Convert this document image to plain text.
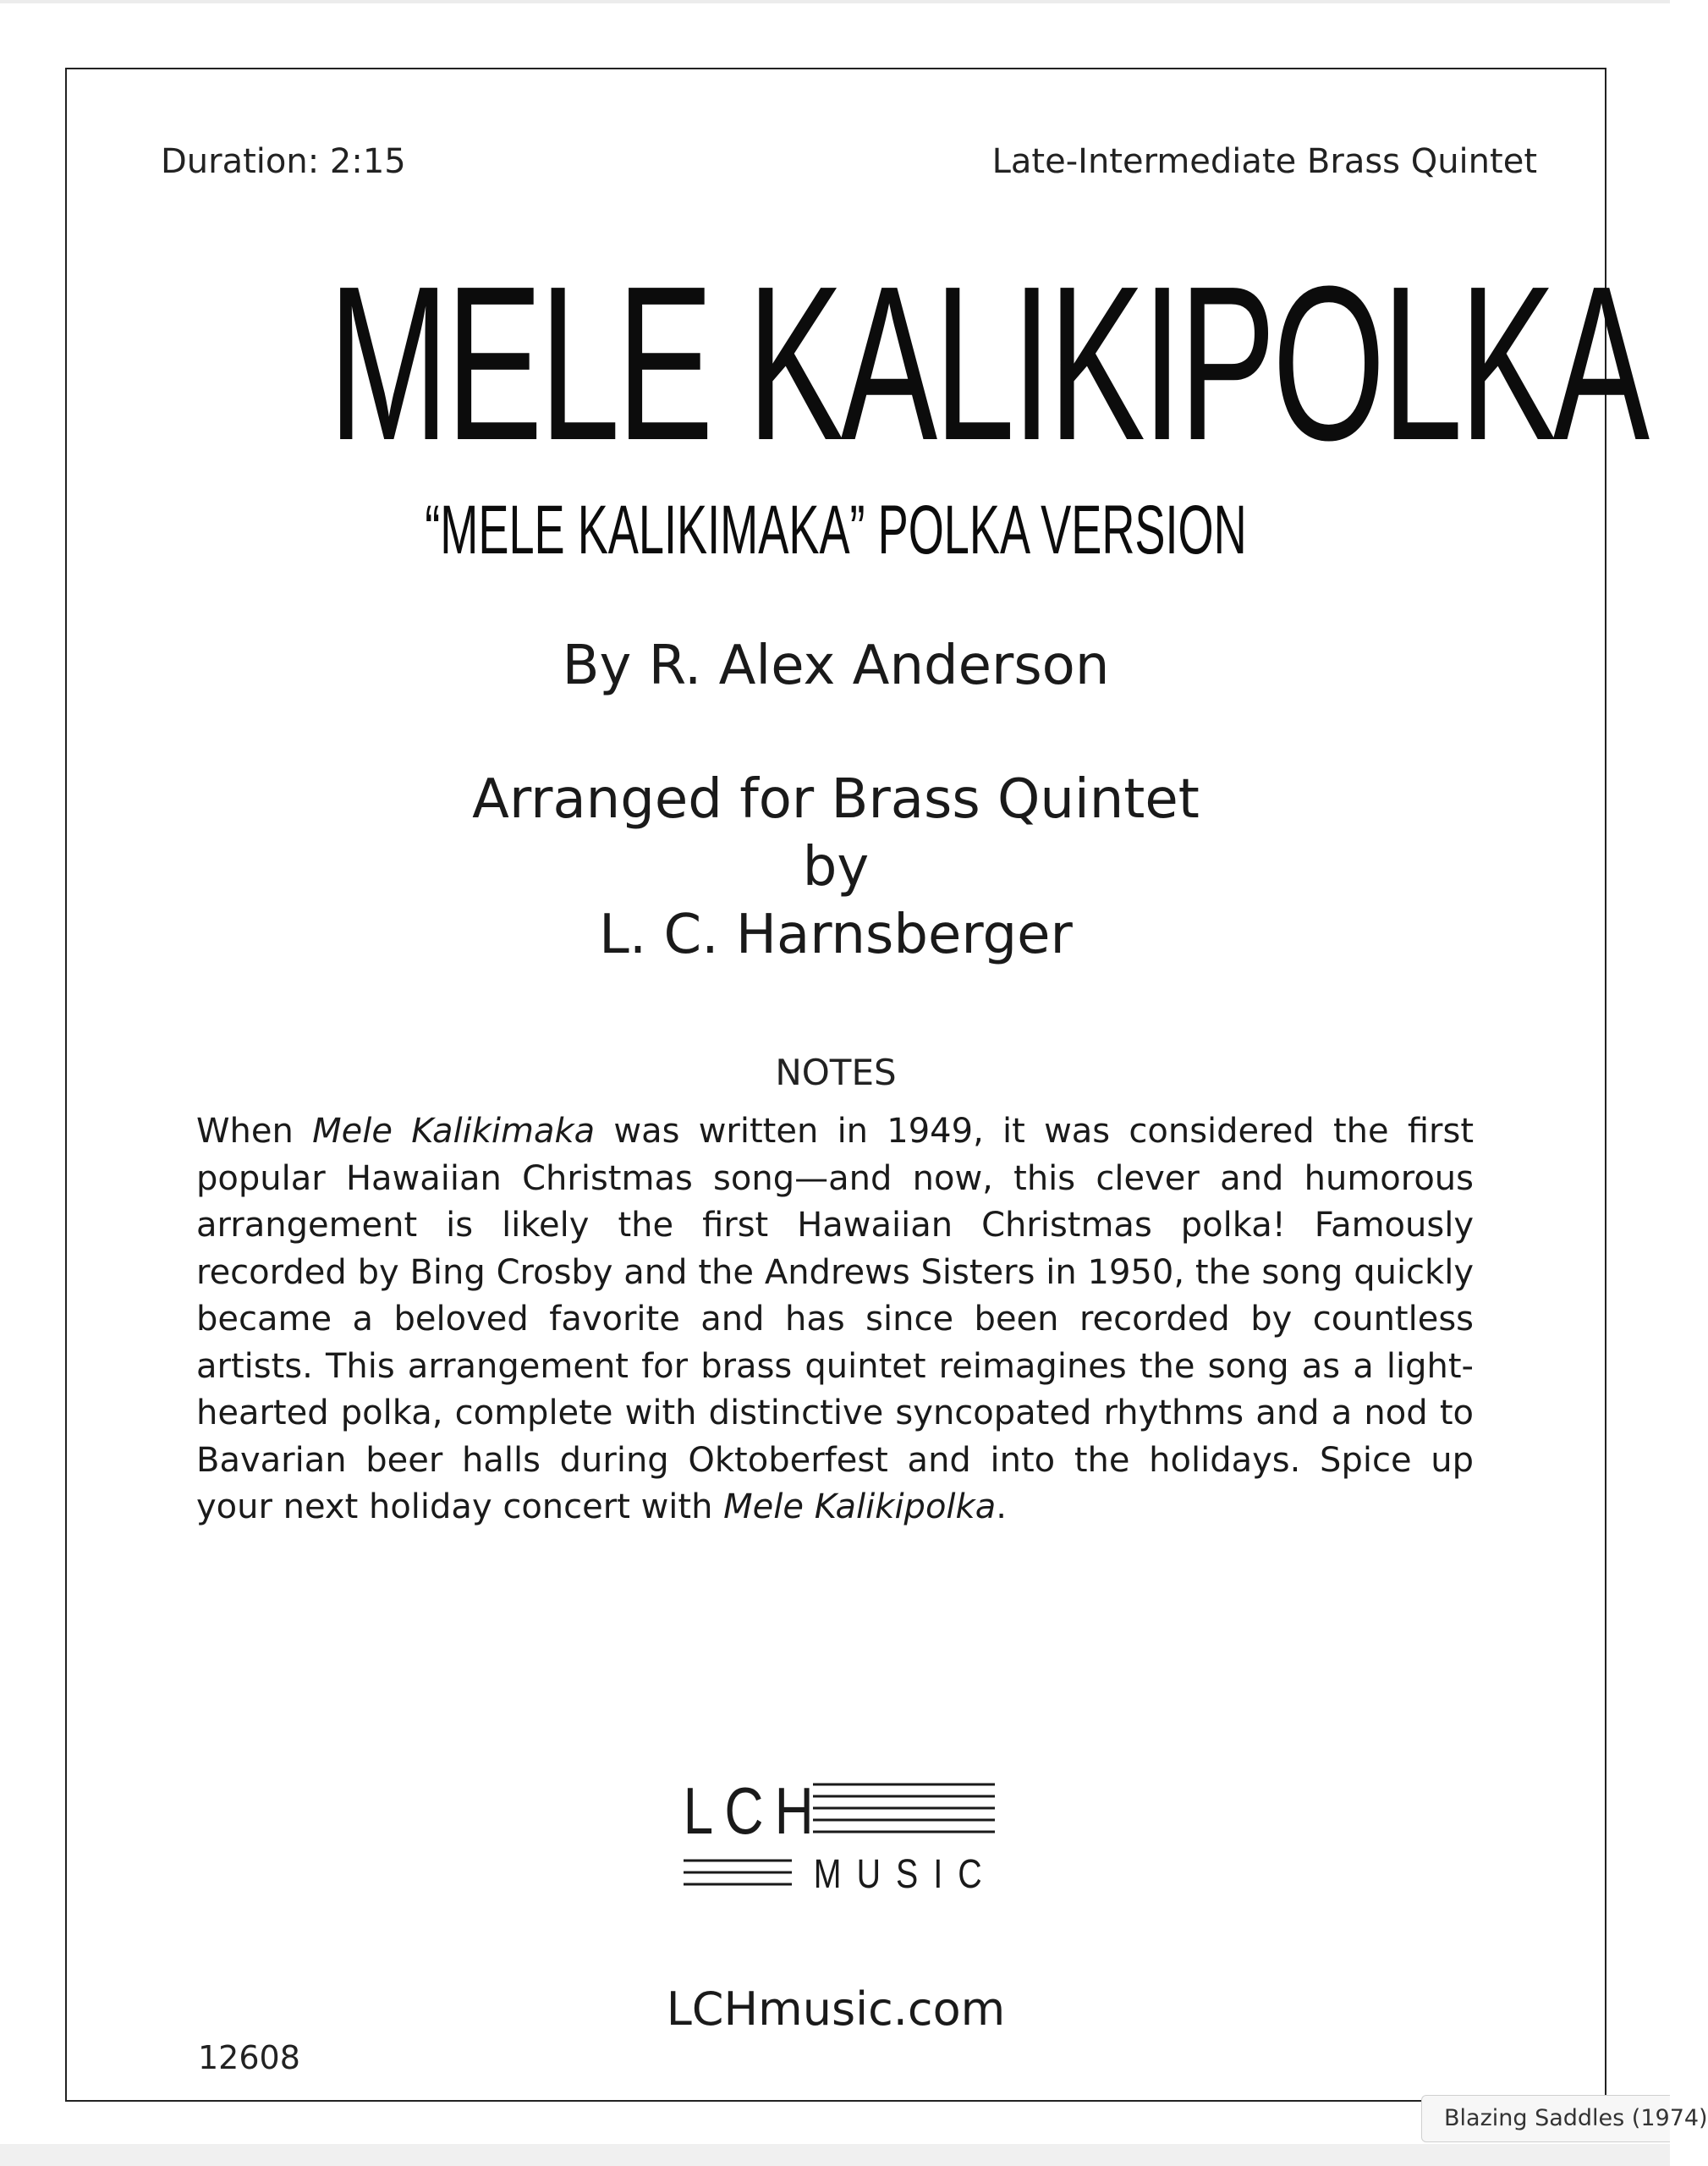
Duration: 2:15	Late-Intermediate Brass Quintet
MELE KALIKIPOLKA
“MELE KALIKIMAKA” POLKA VERSION
By R. Alex Anderson
Arranged for Brass Quintet
by
L. C. Harnsberger
NOTES
When Mele Kalikimaka was written in 1949, it was considered the first popular Hawaiian Christmas song—and now, this clever and humorous arrangement is likely the first Hawaiian Christmas polka! Famously recorded by Bing Crosby and the Andrews Sisters in 1950, the song quickly became a beloved favorite and has since been recorded by countless artists. This arrangement for brass quintet reimagines the song as a light-hearted polka, complete with distinctive syncopated rhythms and a nod to Bavarian beer halls during Oktoberfest and into the holidays. Spice up your next holiday concert with Mele Kalikipolka.
LCH
MUSIC
LCHmusic.com
12608
Blazing Saddles (1974)
